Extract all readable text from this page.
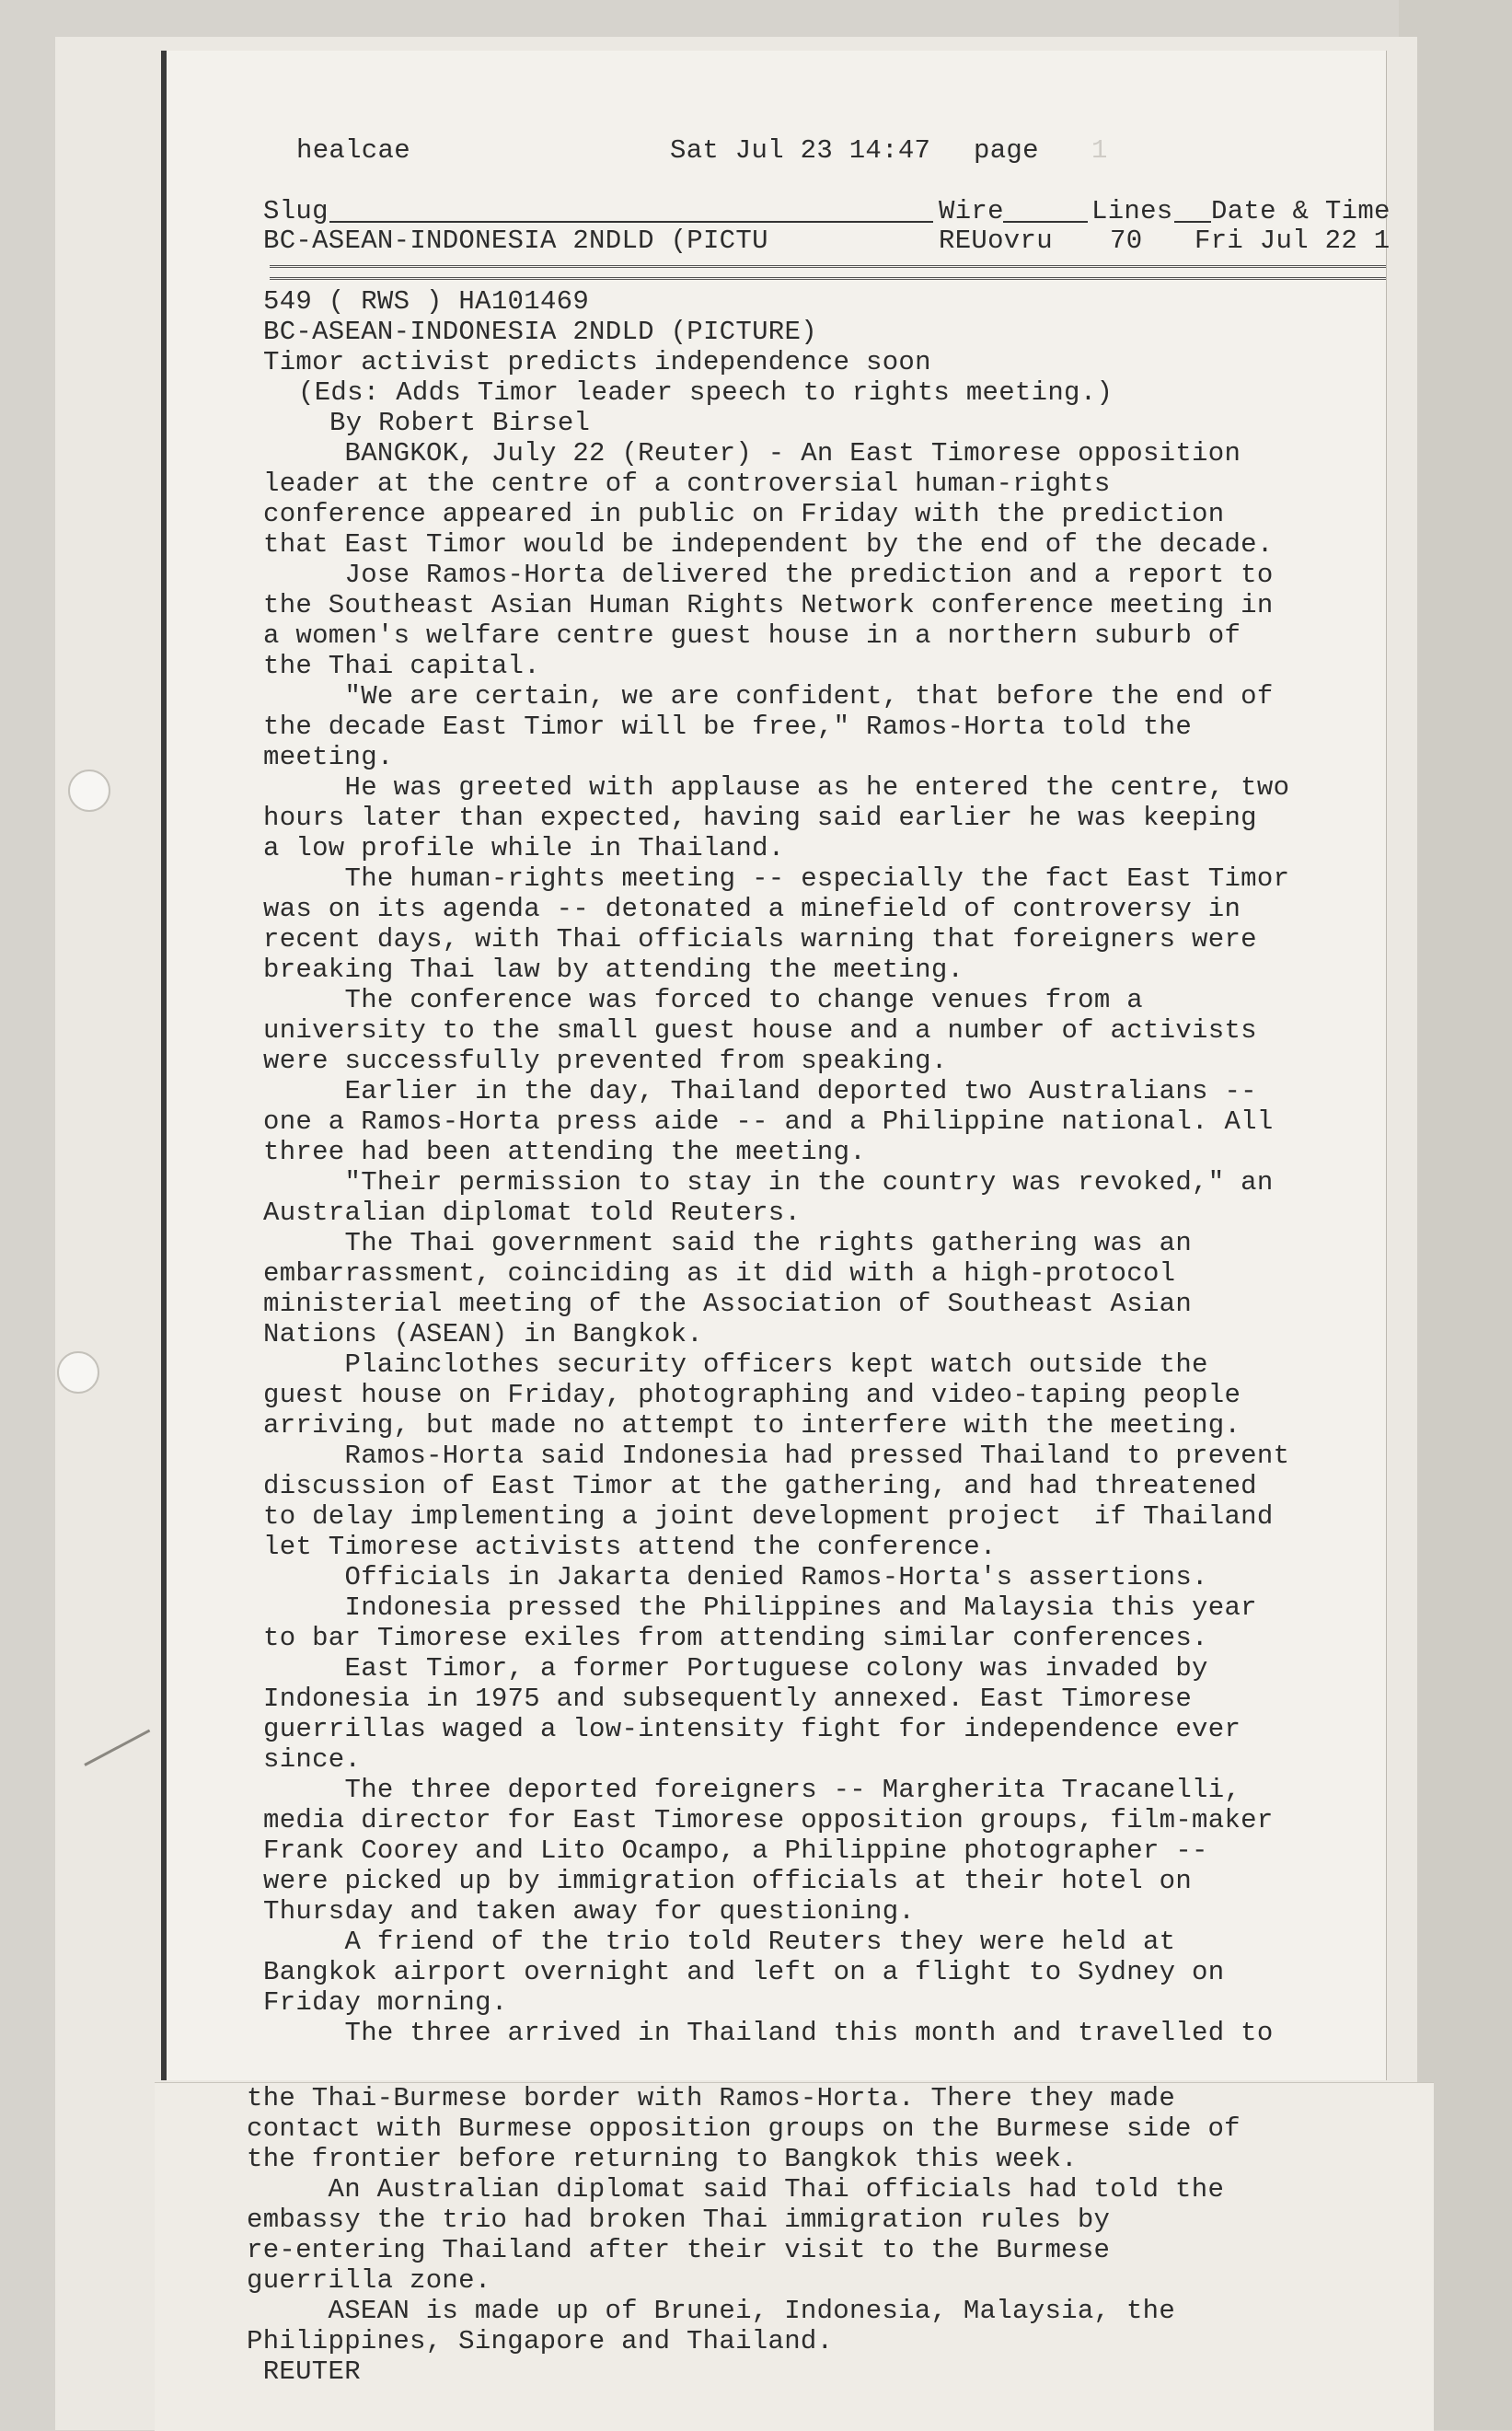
healcae	Sat Jul 23 14:47 page 1
Slug	Wire	Lines Date & Time
BC-ASEAN-INDONESIA 2NDLD (PICTU	REUovru 70 Fri Jul 22 1
549 ( RWS ) HA101469
BC-ASEAN-INDONESIA 2NDLD (PICTURE)
Timor activist predicts independence soon
(Eds: Adds Timor leader speech to rights meeting.)
By Robert Birsel
BANGKOK, July 22 (Reuter) - An East Timorese opposition
leader at the centre of a controversial human-rights
conference appeared in public on Friday with the prediction
that East Timor would be independent by the end of the decade.
Jose Ramos-Horta delivered the prediction and a report to
the Southeast Asian Human Rights Network conference meeting in
a women's welfare centre guest house in a northern suburb of
the Thai capital.
"We are certain, we are confident, that before the end of
the decade East Timor will be free," Ramos-Horta told the
meeting.
He was greeted with applause as he entered the centre, two
hours later than expected, having said earlier he was keeping
a low profile while in Thailand.
The human-rights meeting -- especially the fact East Timor
was on its agenda -- detonated a minefield of controversy in
recent days, with Thai officials warning that foreigners were
breaking Thai law by attending the meeting.
The conference was forced to change venues from a
university to the small guest house and a number of activists
were successfully prevented from speaking.
Earlier in the day, Thailand deported two Australians --
one a Ramos-Horta press aide -- and a Philippine national. All
three had been attending the meeting.
"Their permission to stay in the country was revoked," an
Australian diplomat told Reuters.
The Thai government said the rights gathering was an
embarrassment, coinciding as it did with a high-protocol
ministerial meeting of the Association of Southeast Asian
Nations (ASEAN) in Bangkok.
Plainclothes security officers kept watch outside the
guest house on Friday, photographing and video-taping people
arriving, but made no attempt to interfere with the meeting.
Ramos-Horta said Indonesia had pressed Thailand to prevent
discussion of East Timor at the gathering, and had threatened
to delay implementing a joint development project  if Thailand
let Timorese activists attend the conference.
Officials in Jakarta denied Ramos-Horta's assertions.
Indonesia pressed the Philippines and Malaysia this year
to bar Timorese exiles from attending similar conferences.
East Timor, a former Portuguese colony was invaded by
Indonesia in 1975 and subsequently annexed. East Timorese
guerrillas waged a low-intensity fight for independence ever
since.
The three deported foreigners -- Margherita Tracanelli,
media director for East Timorese opposition groups, film-maker
Frank Coorey and Lito Ocampo, a Philippine photographer --
were picked up by immigration officials at their hotel on
Thursday and taken away for questioning.
A friend of the trio told Reuters they were held at
Bangkok airport overnight and left on a flight to Sydney on
Friday morning.
The three arrived in Thailand this month and travelled to
the Thai-Burmese border with Ramos-Horta. There they made
contact with Burmese opposition groups on the Burmese side of
the frontier before returning to Bangkok this week.
An Australian diplomat said Thai officials had told the
embassy the trio had broken Thai immigration rules by
re-entering Thailand after their visit to the Burmese
guerrilla zone.
ASEAN is made up of Brunei, Indonesia, Malaysia, the
Philippines, Singapore and Thailand.
REUTER
